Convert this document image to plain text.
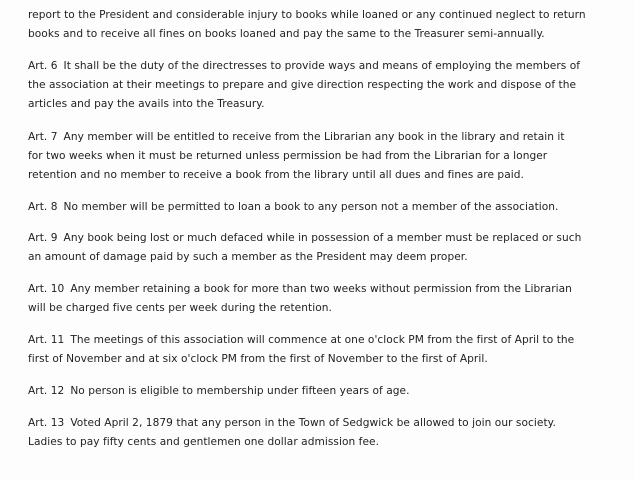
report to the President and considerable injury to books while loaned or any continued neglect to return
books and to receive all fines on books loaned and pay the same to the Treasurer semi-annually.

Art. 6 It shall be the duty of the directresses to provide ways and means of employing the members of
the association at their meetings to prepare and give direction respecting the work and dispose of the
articles and pay the avails into the Treasury.

Art. 7 Any member will be entitled to receive from the Librarian any book in the library and retain it
for two weeks when it must be returned unless permission be had from the Librarian for a longer
retention and no member to receive a book from the library until all dues and fines are paid.

Art. 8 No member will be permitted to loan a book to any person not a member of the association.

Art. 9 Any book being lost or much defaced while in possession of a member must be replaced or such
an amount of damage paid by such a member as the President may deem proper.

Art. 10 Any member retaining a book for more than two weeks without permission from the Librarian
will be charged five cents per week during the retention.

Art. 11 The meetings of this association will commence at one o'clock PM from the first of April to the
first of November and at six o'clock PM from the first of November to the first of April.

Art. 12 No person is eligible to membership under fifteen years of age.

Art. 13 Voted April 2, 1879 that any person in the Town of Sedgwick be allowed to join our society.
Ladies to pay fifty cents and gentlemen one dollar admission fee.
